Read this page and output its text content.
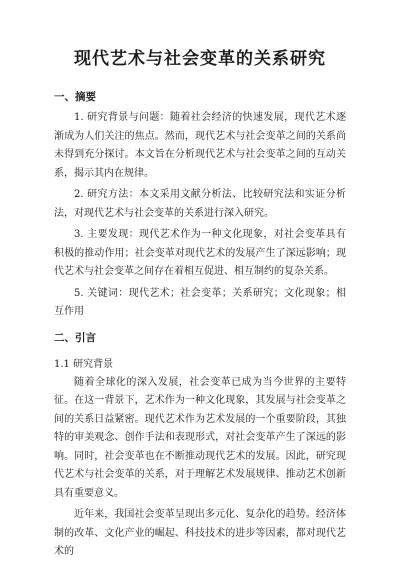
现代艺术与社会变革的关系研究
一、摘要

1. 研究背景与问题：随着社会经济的快速发展，现代艺术逐渐成为人们关注的焦点。然而，现代艺术与社会变革之间的关系尚未得到充分探讨。本文旨在分析现代艺术与社会变革之间的互动关系，揭示其内在规律。

2. 研究方法：本文采用文献分析法、比较研究法和实证分析法，对现代艺术与社会变革的关系进行深入研究。

3. 主要发现：现代艺术作为一种文化现象，对社会变革具有积极的推动作用；社会变革对现代艺术的发展产生了深远影响；现代艺术与社会变革之间存在着相互促进、相互制约的复杂关系。

5. 关键词：现代艺术；社会变革；关系研究；文化现象；相互作用

二、引言
1.1 研究背景

随着全球化的深入发展，社会变革已成为当今世界的主要特征。在这一背景下，艺术作为一种文化现象，其发展与社会变革之间的关系日益紧密。现代艺术作为艺术发展的一个重要阶段，其独特的审美观念、创作手法和表现形式，对社会变革产生了深远的影响。同时，社会变革也在不断推动现代艺术的发展。因此，研究现代艺术与社会变革的关系，对于理解艺术发展规律、推动艺术创新具有重要意义。

近年来，我国社会变革呈现出多元化、复杂化的趋势。经济体制的改革、文化产业的崛起、科技技术的进步等因素，都对现代艺术的
